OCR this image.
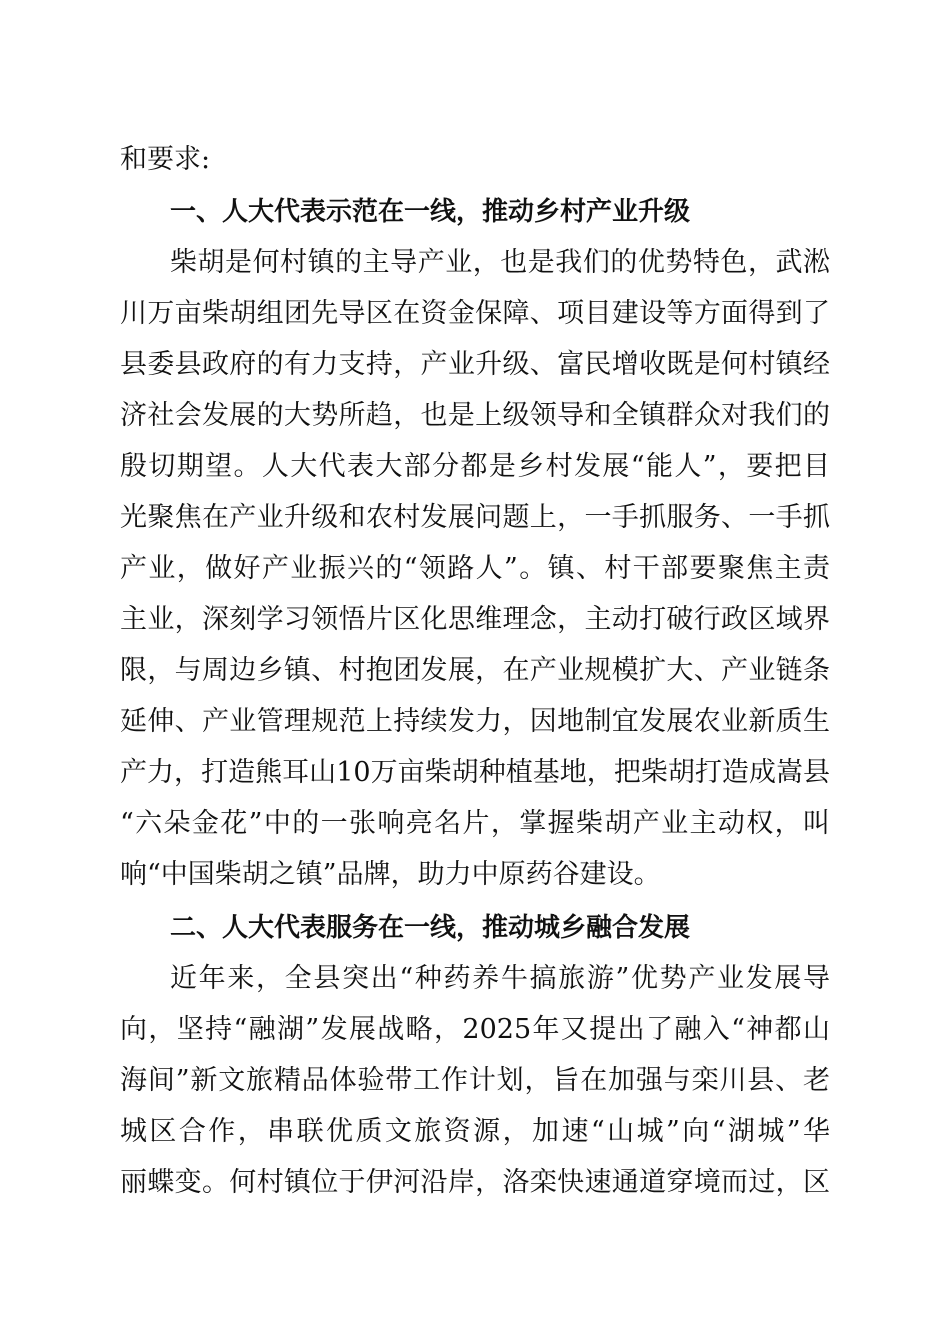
和要求:
一、人大代表示范在一线，推动乡村产业升级
柴胡是何村镇的主导产业，也是我们的优势特色，武淞
川万亩柴胡组团先导区在资金保障、项目建设等方面得到了
县委县政府的有力支持，产业升级、富民增收既是何村镇经
济社会发展的大势所趋，也是上级领导和全镇群众对我们的
殷切期望。人大代表大部分都是乡村发展“能人”，要把目
光聚焦在产业升级和农村发展问题上，一手抓服务、一手抓
产业，做好产业振兴的“领路人”。镇、村干部要聚焦主责
主业，深刻学习领悟片区化思维理念，主动打破行政区域界
限，与周边乡镇、村抱团发展，在产业规模扩大、产业链条
延伸、产业管理规范上持续发力，因地制宜发展农业新质生
产力，打造熊耳山10万亩柴胡种植基地，把柴胡打造成嵩县
“六朵金花”中的一张响亮名片，掌握柴胡产业主动权，叫
响“中国柴胡之镇”品牌，助力中原药谷建设。
二、人大代表服务在一线，推动城乡融合发展
近年来，全县突出“种药养牛搞旅游”优势产业发展导
向，坚持“融湖”发展战略，2025年又提出了融入“神都山
海间”新文旅精品体验带工作计划，旨在加强与栾川县、老
城区合作，串联优质文旅资源，加速“山城”向“湖城”华
丽蝶变。何村镇位于伊河沿岸，洛栾快速通道穿境而过，区
